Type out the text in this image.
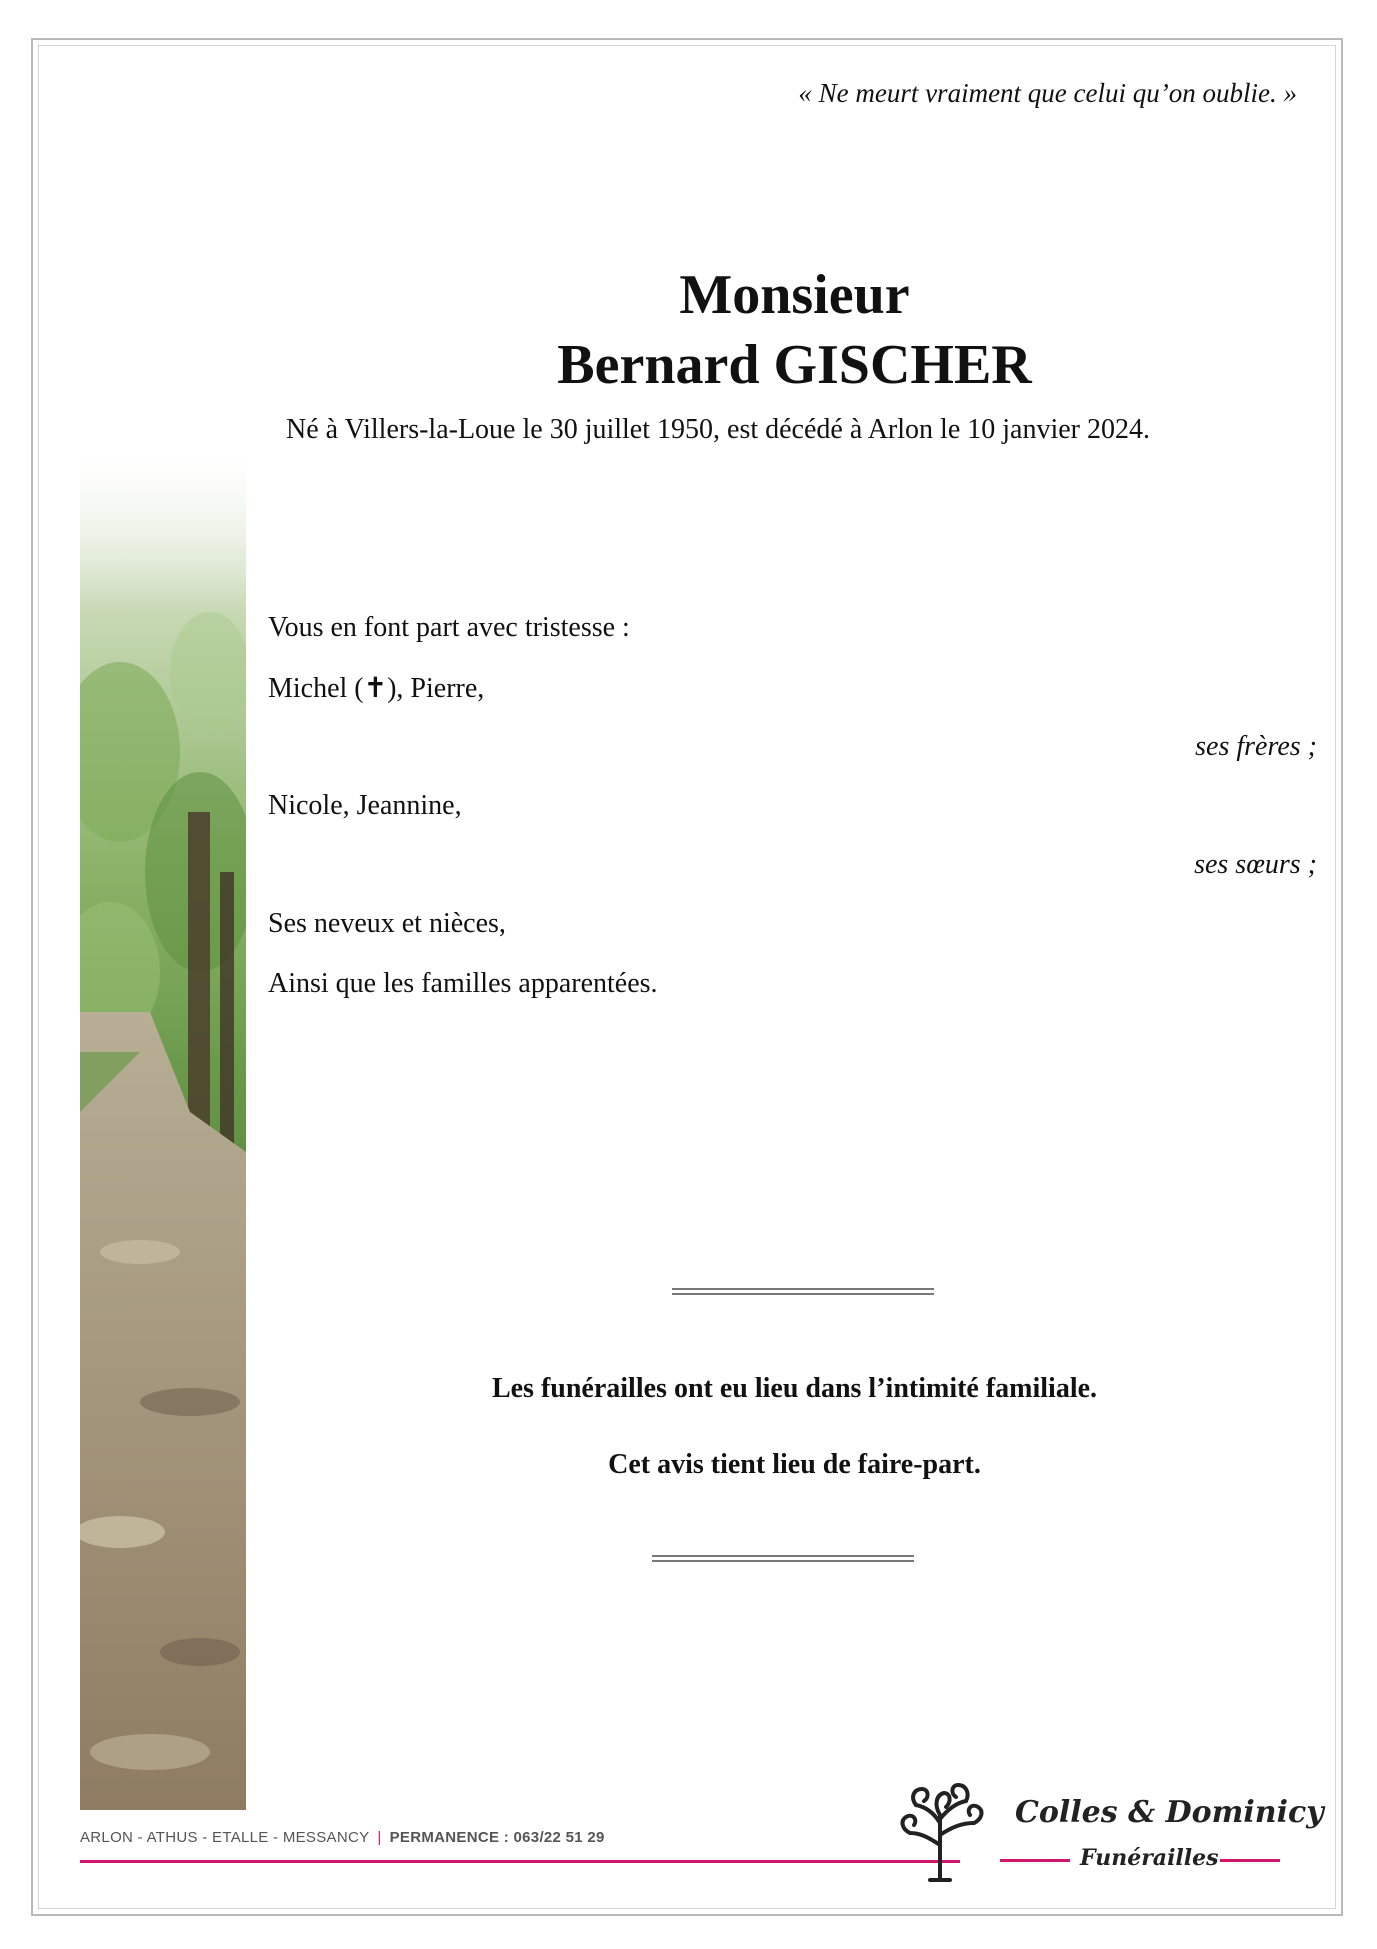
« Ne meurt vraiment que celui qu’on oublie. »
Monsieur
Bernard GISCHER
Né à Villers-la-Loue le 30 juillet 1950, est décédé à Arlon le 10 janvier 2024.
Vous en font part avec tristesse :
Michel (✝), Pierre,
ses frères ;
Nicole, Jeannine,
ses sœurs ;
Ses neveux et nièces,
Ainsi que les familles apparentées.
Les funérailles ont eu lieu dans l’intimité familiale.
Cet avis tient lieu de faire-part.
ARLON - ATHUS - ETALLE - MESSANCY | PERMANENCE : 063/22 51 29
Colles & Dominicy
Funérailles
